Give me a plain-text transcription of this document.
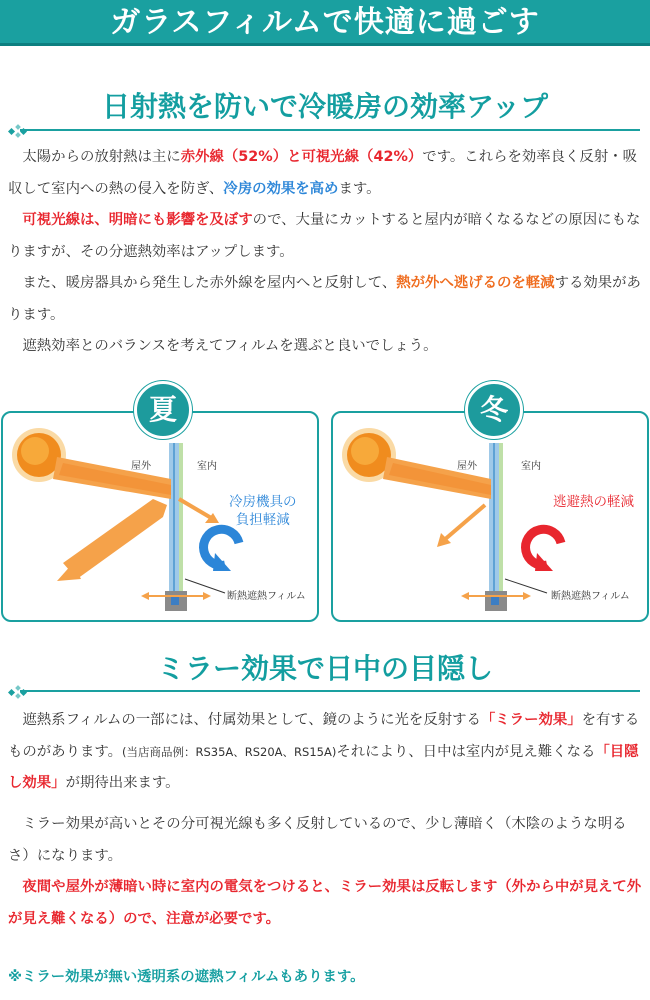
ガラスフィルムで快適に過ごす
日射熱を防いで冷暖房の効率アップ
　太陽からの放射熱は主に赤外線（52%）と可視光線（42%）です。これらを効率良く反射・吸収して室内への熱の侵入を防ぎ、冷房の効果を高めます。
　可視光線は、明暗にも影響を及ぼすので、大量にカットすると屋内が暗くなるなどの原因にもなりますが、その分遮熱効率はアップします。
　また、暖房器具から発生した赤外線を屋内へと反射して、熱が外へ逃げるのを軽減する効果があります。
　遮熱効率とのバランスを考えてフィルムを選ぶと良いでしょう。
屋外	室内
冷房機具の
負担軽減
断熱遮熱フィルム
夏
屋外	室内
逃避熱の軽減
断熱遮熱フィルム
冬
ミラー効果で日中の目隠し
　遮熱系フィルムの一部には、付属効果として、鏡のように光を反射する「ミラー効果」を有するものがあります。(当店商品例：RS35A、RS20A、RS15A)それにより、日中は室内が見え難くなる「目隠し効果」が期待出来ます。
　ミラー効果が高いとその分可視光線も多く反射しているので、少し薄暗く（木陰のような明るさ）になります。
　夜間や屋外が薄暗い時に室内の電気をつけると、ミラー効果は反転します（外から中が見えて外が見え難くなる）ので、注意が必要です。
※ミラー効果が無い透明系の遮熱フィルムもあります。
